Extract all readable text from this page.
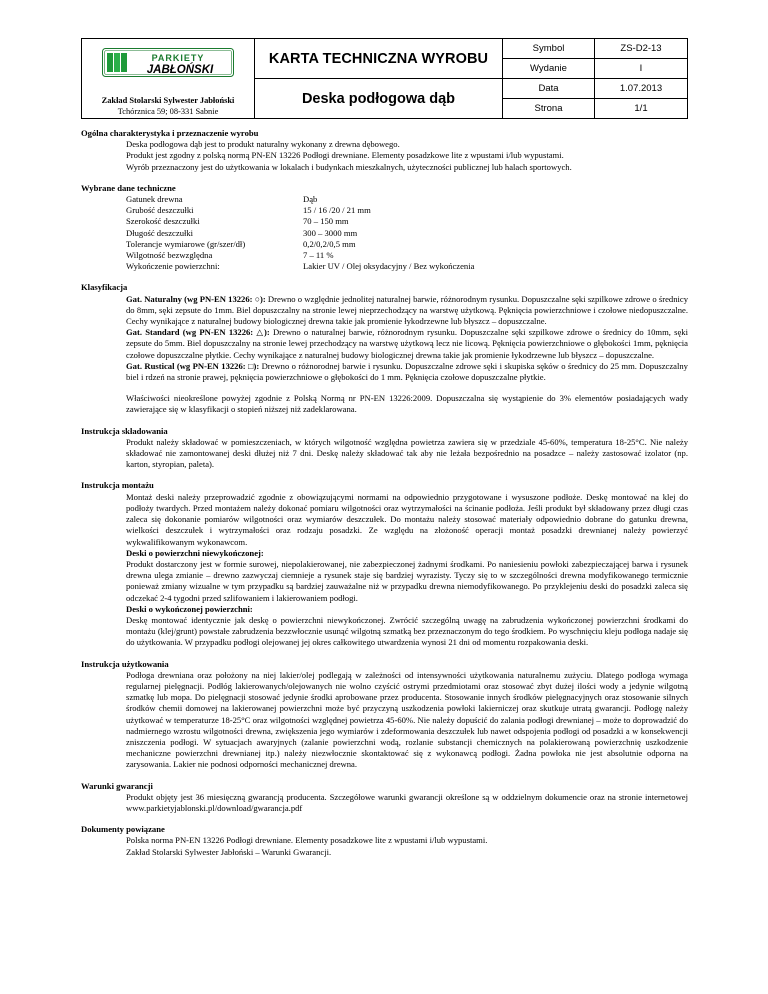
PARKIETY
JABŁOŃSKI
Zakład Stolarski Sylwester Jabłoński
Tchórznica 59; 08-331 Sabnie	KARTA TECHNICZNA WYROBU	Symbol	ZS-D2-13
		Wydanie	I
	Deska podłogowa dąb	Data	1.07.2013
		Strona	1/1
Ogólna charakterystyka i przeznaczenie wyrobu

Deska podłogowa dąb jest to produkt naturalny wykonany z drewna dębowego.

Produkt jest zgodny z polską normą PN-EN 13226 Podłogi drewniane. Elementy posadzkowe lite z wpustami i/lub wypustami.

Wyrób przeznaczony jest do użytkowania w lokalach i budynkach mieszkalnych, użyteczności publicznej lub halach sportowych.

Wybrane dane techniczne
Gatunek drewna	Dąb
Grubość deszczułki	15 / 16 /20 / 21 mm
Szerokość deszczułki	70 – 150 mm
Długość deszczułki	300 – 3000 mm
Tolerancje wymiarowe (gr/szer/dł)	0,2/0,2/0,5 mm
Wilgotność bezwzględna	7 – 11 %
Wykończenie powierzchni:	Lakier UV / Olej oksydacyjny / Bez wykończenia
Klasyfikacja

Gat. Naturalny (wg PN-EN 13226: ○): Drewno o względnie jednolitej naturalnej barwie, różnorodnym rysunku. Dopuszczalne sęki szpilkowe zdrowe o średnicy do 8mm, sęki zepsute do 1mm. Biel dopuszczalny na stronie lewej nieprzechodzący na warstwę użytkową. Pęknięcia powierzchniowe i czołowe niedopuszczalne. Cechy wynikające z naturalnej budowy biologicznej drewna takie jak promienie łykodrzewne lub błyszcz – dopuszczalne.

Gat. Standard (wg PN-EN 13226: △): Drewno o naturalnej barwie, różnorodnym rysunku. Dopuszczalne sęki szpilkowe zdrowe o średnicy do 10mm, sęki zepsute do 5mm. Biel dopuszczalny na stronie lewej przechodzący na warstwę użytkową lecz nie licową. Pęknięcia powierzchniowe o głębokości 1mm, pęknięcia czołowe dopuszczalne płytkie. Cechy wynikające z naturalnej budowy biologicznej drewna takie jak promienie łykodrzewne lub błyszcz – dopuszczalne.

Gat. Rustical (wg PN-EN 13226: □): Drewno o różnorodnej barwie i rysunku. Dopuszczalne zdrowe sęki i skupiska sęków o średnicy do 25 mm. Dopuszczalny biel i rdzeń na stronie prawej, pęknięcia powierzchniowe o głębokości do 1 mm. Pęknięcia czołowe dopuszczalne płytkie.

Właściwości nieokreślone powyżej zgodnie z Polską Normą nr PN-EN 13226:2009. Dopuszczalna się wystąpienie do 3% elementów posiadających wady zawierające się w klasyfikacji o stopień niższej niż zadeklarowana.

Instrukcja składowania

Produkt należy składować w pomieszczeniach, w których wilgotność względna powietrza zawiera się w przedziale 45-60%, temperatura 18-25°C. Nie należy składować nie zamontowanej deski dłużej niż 7 dni. Deskę należy składować tak aby nie leżała bezpośrednio na posadzce – należy zastosować izolator (np. karton, styropian, paleta).

Instrukcja montażu

Montaż deski należy przeprowadzić zgodnie z obowiązującymi normami na odpowiednio przygotowane i wysuszone podłoże. Deskę montować na klej do podłoży twardych. Przed montażem należy dokonać pomiaru wilgotności oraz wytrzymałości na ścinanie podłoża. Jeśli produkt był składowany przez długi czas zaleca się dokonanie pomiarów wilgotności oraz wymiarów deszczułek. Do montażu należy stosować materiały odpowiednio dobrane do gatunku drewna, wielkości deszczułek i wytrzymałości oraz rodzaju posadzki. Ze względu na złożoność operacji montaż posadzki drewnianej należy powierzyć wykwalifikowanym wykonawcom.

Deski o powierzchni niewykończonej:

Produkt dostarczony jest w formie surowej, niepolakierowanej, nie zabezpieczonej żadnymi środkami. Po naniesieniu powłoki zabezpieczającej barwa i rysunek drewna ulega zmianie – drewno zazwyczaj ciemnieje a rysunek staje się bardziej wyrazisty. Tyczy się to w szczególności drewna modyfikowanego termicznie ponieważ zmiany wizualne w tym przypadku są bardziej zauważalne niż w przypadku drewna niemodyfikowanego. Po przyklejeniu deski do posadzki zaleca się odczekać 2-4 tygodni przed szlifowaniem i lakierowaniem podłogi.

Deski o wykończonej powierzchni:

Deskę montować identycznie jak deskę o powierzchni niewykończonej. Zwrócić szczególną uwagę na zabrudzenia wykończonej powierzchni środkami do montażu (klej/grunt) powstałe zabrudzenia bezzwłocznie usunąć wilgotną szmatką bez przeznaczonym do tego środkiem. Po wyschnięciu kleju podłoga nadaje się do użytkowania. W przypadku podłogi olejowanej jej okres całkowitego utwardzenia wynosi 21 dni od momentu rozpakowania deski.

Instrukcja użytkowania

Podłoga drewniana oraz położony na niej lakier/olej podlegają w zależności od intensywności użytkowania naturalnemu zużyciu. Dlatego podłoga wymaga regularnej pielęgnacji. Podłóg lakierowanych/olejowanych nie wolno czyścić ostrymi przedmiotami oraz stosować zbyt dużej ilości wody a jedynie wilgotną szmatkę lub mopa. Do pielęgnacji stosować jedynie środki aprobowane przez producenta. Stosowanie innych środków pielęgnacyjnych oraz stosowanie silnych środków chemii domowej na lakierowanej powierzchni może być przyczyną uszkodzenia powłoki lakierniczej oraz skutkuje utratą gwarancji. Podłogę należy użytkować w temperaturze 18-25°C oraz wilgotności względnej powietrza 45-60%. Nie należy dopuścić do zalania podłogi drewnianej – może to doprowadzić do nadmiernego wzrostu wilgotności drewna, zwiększenia jego wymiarów i zdeformowania deszczułek lub nawet odspojenia podłogi od posadzki a w konsekwencji zniszczenia podłogi. W sytuacjach awaryjnych (zalanie powierzchni wodą, rozlanie substancji chemicznych na polakierowaną powierzchnię uszkodzenie mechaniczne powierzchni drewnianej itp.) należy niezwłocznie skontaktować się z wykonawcą podłogi. Żadna powłoka nie jest absolutnie odporna na zarysowania. Lakier nie podnosi odporności mechanicznej drewna.

Warunki gwarancji

Produkt objęty jest 36 miesięczną gwarancją producenta. Szczegółowe warunki gwarancji określone są w oddzielnym dokumencie oraz na stronie internetowej www.parkietyjablonski.pl/download/gwarancja.pdf

Dokumenty powiązane

Polska norma PN-EN 13226 Podłogi drewniane. Elementy posadzkowe lite z wpustami i/lub wypustami.

Zakład Stolarski Sylwester Jabłoński – Warunki Gwarancji.
